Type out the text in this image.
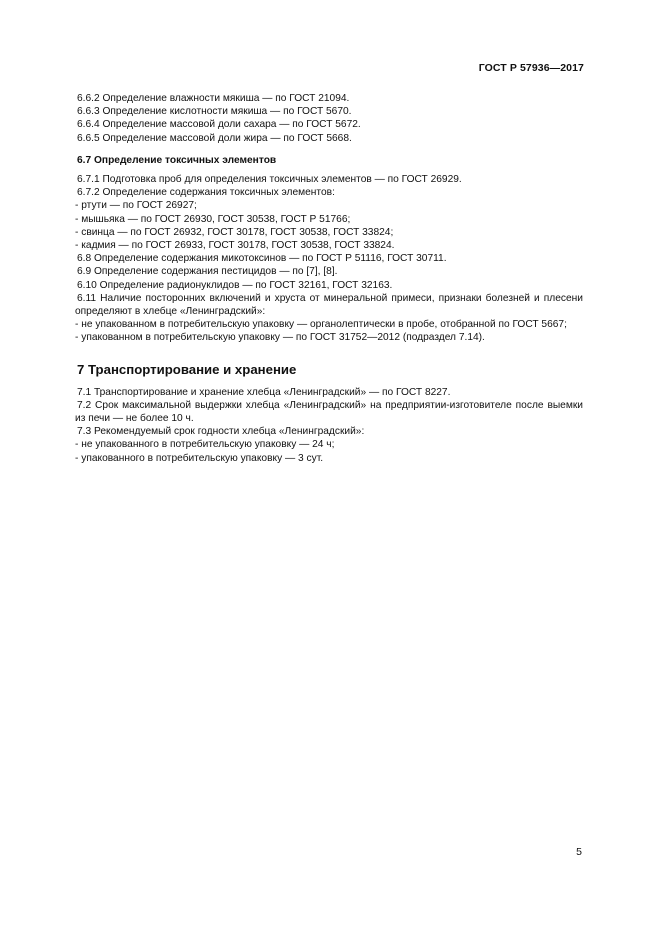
ГОСТ Р 57936—2017

6.6.2 Определение влажности мякиша — по ГОСТ 21094.

6.6.3 Определение кислотности мякиша — по ГОСТ 5670.

6.6.4 Определение массовой доли сахара — по ГОСТ 5672.

6.6.5 Определение массовой доли жира — по ГОСТ 5668.

6.7 Определение токсичных элементов

6.7.1 Подготовка проб для определения токсичных элементов — по ГОСТ 26929.

6.7.2 Определение содержания токсичных элементов:

- ртути — по ГОСТ 26927;

- мышьяка — по ГОСТ 26930, ГОСТ 30538, ГОСТ Р 51766;

- свинца — по ГОСТ 26932, ГОСТ 30178, ГОСТ 30538, ГОСТ 33824;

- кадмия — по ГОСТ 26933, ГОСТ 30178, ГОСТ 30538, ГОСТ 33824.

6.8 Определение содержания микотоксинов — по ГОСТ Р 51116, ГОСТ 30711.

6.9 Определение содержания пестицидов — по [7], [8].

6.10 Определение радионуклидов — по ГОСТ 32161, ГОСТ 32163.

6.11 Наличие посторонних включений и хруста от минеральной примеси, признаки болезней и плесени определяют в хлебце «Ленинградский»:

- не упакованном в потребительскую упаковку — органолептически в пробе, отобранной по ГОСТ 5667;

- упакованном в потребительскую упаковку — по ГОСТ 31752—2012 (подраздел 7.14).

7 Транспортирование и хранение

7.1 Транспортирование и хранение хлебца «Ленинградский» — по ГОСТ 8227.

7.2 Срок максимальной выдержки хлебца «Ленинградский» на предприятии-изготовителе после выемки из печи — не более 10 ч.

7.3 Рекомендуемый срок годности хлебца «Ленинградский»:

- не упакованного в потребительскую упаковку — 24 ч;

- упакованного в потребительскую упаковку — 3 сут.

5
